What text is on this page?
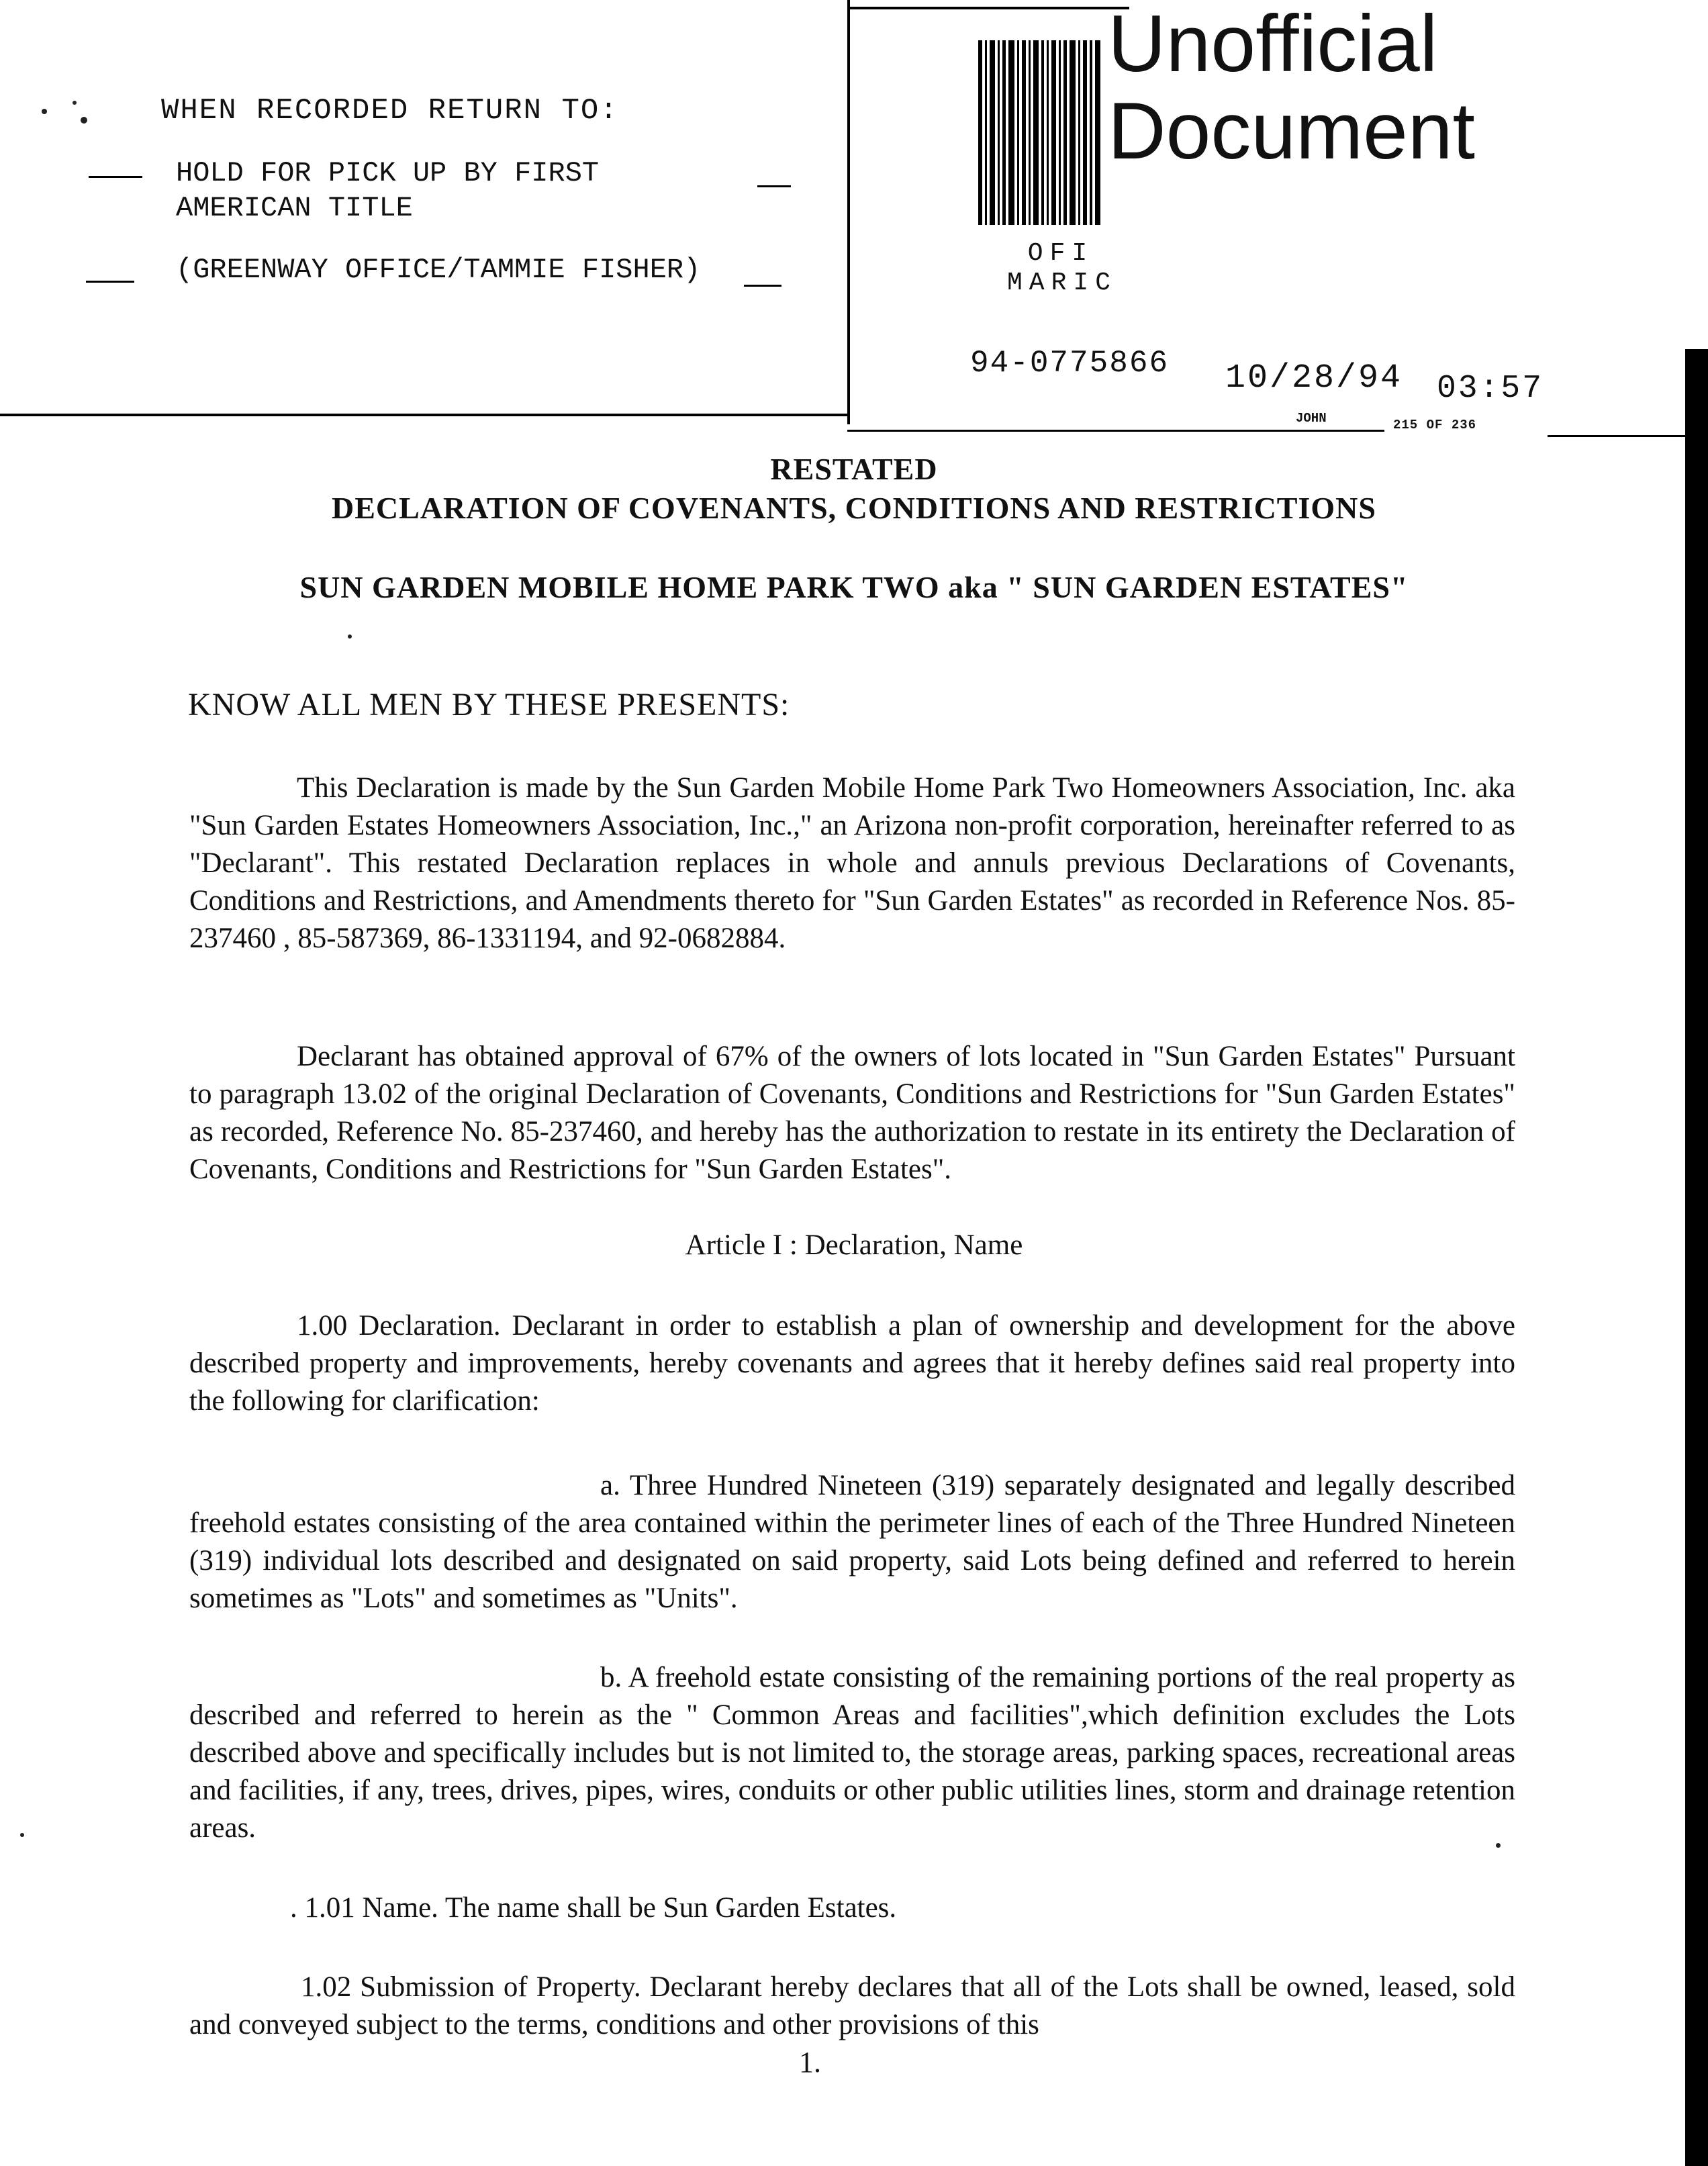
WHEN RECORDED RETURN TO:
HOLD FOR PICK UP BY FIRST
AMERICAN TITLE
(GREENWAY OFFICE/TAMMIE FISHER)
Unofficial
Document
OFI
MARIC
94-0775866 10/28/94 03:57
JOHN	215 OF 236
RESTATED
DECLARATION OF COVENANTS, CONDITIONS AND RESTRICTIONS
SUN GARDEN MOBILE HOME PARK TWO aka " SUN GARDEN ESTATES"
KNOW ALL MEN BY THESE PRESENTS:
This Declaration is made by the Sun Garden Mobile Home Park Two Homeowners Association, Inc. aka "Sun Garden Estates Homeowners Association, Inc.," an Arizona non-profit corporation, hereinafter referred to as "Declarant". This restated Declaration replaces in whole and annuls previous Declarations of Covenants, Conditions and Restrictions, and Amendments thereto for "Sun Garden Estates" as recorded in Reference Nos. 85-237460 , 85-587369, 86-1331194, and 92-0682884.
Declarant has obtained approval of 67% of the owners of lots located in "Sun Garden Estates" Pursuant to paragraph 13.02 of the original Declaration of Covenants, Conditions and Restrictions for "Sun Garden Estates" as recorded, Reference No. 85-237460, and hereby has the authorization to restate in its entirety the Declaration of Covenants, Conditions and Restrictions for "Sun Garden Estates".
Article I : Declaration, Name
1.00 Declaration. Declarant in order to establish a plan of ownership and development for the above described property and improvements, hereby covenants and agrees that it hereby defines said real property into the following for clarification:
a. Three Hundred Nineteen (319) separately designated and legally described freehold estates consisting of the area contained within the perimeter lines of each of the Three Hundred Nineteen (319) individual lots described and designated on said property, said Lots being defined and referred to herein sometimes as "Lots" and sometimes as "Units".
b. A freehold estate consisting of the remaining portions of the real property as described and referred to herein as the " Common Areas and facilities",which definition excludes the Lots described above and specifically includes but is not limited to, the storage areas, parking spaces, recreational areas and facilities, if any, trees, drives, pipes, wires, conduits or other public utilities lines, storm and drainage retention areas.
. 1.01 Name. The name shall be Sun Garden Estates.
1.02 Submission of Property. Declarant hereby declares that all of the Lots shall be owned, leased, sold and conveyed subject to the terms, conditions and other provisions of this
1.
